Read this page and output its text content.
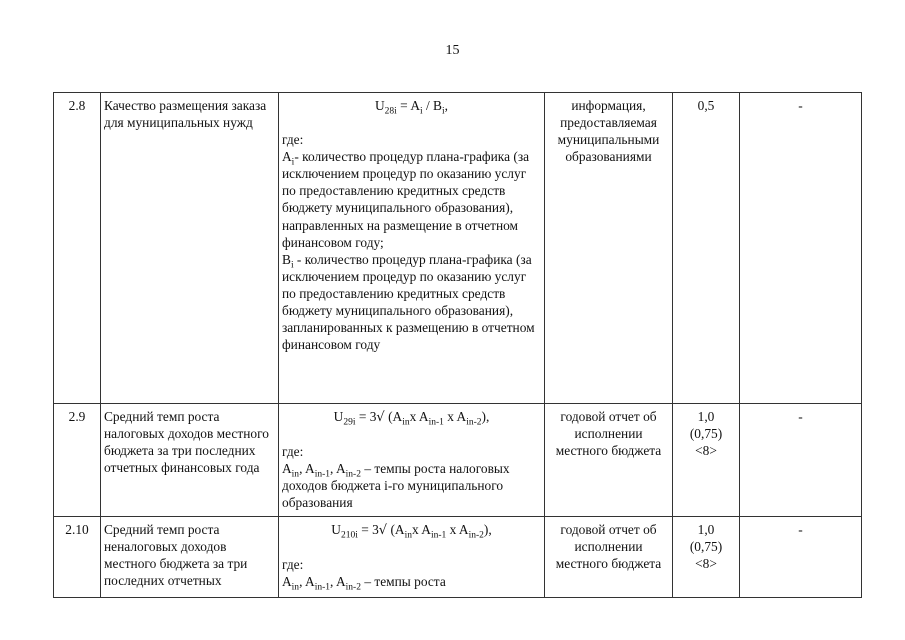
15
2.8	Качество размещения заказа для муниципальных нужд	$U_{28i} = A_i / B_i$,
где:
$A_i-$ количество процедур плана-графика (за исключением процедур по оказанию услуг по предоставлению кредитных средств бюджету муниципального образования), направленных на размещение в отчетном финансовом году;
$B_i$ - количество процедур плана-графика (за исключением процедур по оказанию услуг по предоставлению кредитных средств бюджету муниципального образования), запланированных к размещению в отчетном финансовом году	информация, предоставляемая муниципальными образованиями	0,5	-
2.9	Средний темп роста налоговых доходов местного бюджета за три последних отчетных финансовых года	$U_{29i} = 3√$ ($A_{in}x$ $A_{in-1}$ x $A_{in-2}$),
где:
$A_{in}$, $A_{in-1}$, $A_{in-2}$ – темпы роста налоговых доходов бюджета i-го муниципального образования	годовой отчет об исполнении местного бюджета	1,0
(0,75)
<8>	-
2.10	Средний темп роста неналоговых доходов местного бюджета за три последних отчетных	$U_{210i} = 3√$ ($A_{in}x$ $A_{in-1}$ x $A_{in-2}$),
где:
$A_{in}$, $A_{in-1}$, $A_{in-2}$ – темпы роста	годовой отчет об исполнении местного бюджета	1,0
(0,75)
<8>	-
